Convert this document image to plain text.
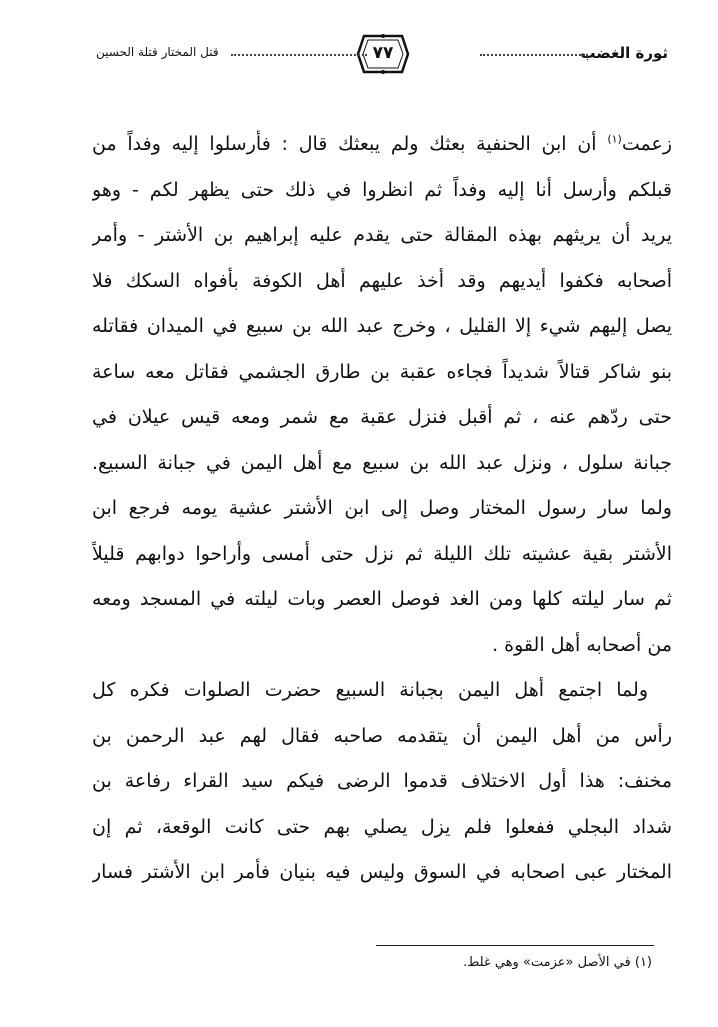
ثورة الغضب
٧٧
قتل المختار قتلة الحسين
زعمت$^{(١)}$ أن ابن الحنفية بعثك ولم يبعثك قال : فأرسلوا إليه وفداً من
قبلكم وأرسل أنا إليه وفداً ثم انظروا في ذلك حتى يظهر لكم - وهو
يريد أن يريثهم بهذه المقالة حتى يقدم عليه إبراهيم بن الأشتر - وأمر
أصحابه فكفوا أيديهم وقد أخذ عليهم أهل الكوفة بأفواه السكك فلا
يصل إليهم شيء إلا القليل ، وخرج عبد الله بن سبيع في الميدان فقاتله
بنو شاكر قتالاً شديداً فجاءه عقبة بن طارق الجشمي فقاتل معه ساعة
حتى ردّهم عنه ، ثم أقبل فنزل عقبة مع شمر ومعه قيس عيلان في
جبانة سلول ، ونزل عبد الله بن سبيع مع أهل اليمن في جبانة السبيع.
ولما سار رسول المختار وصل إلى ابن الأشتر عشية يومه فرجع ابن
الأشتر بقية عشيته تلك الليلة ثم نزل حتى أمسى وأراحوا دوابهم قليلاً
ثم سار ليلته كلها ومن الغد فوصل العصر وبات ليلته في المسجد ومعه
من أصحابه أهل القوة .
ولما اجتمع أهل اليمن بجبانة السبيع حضرت الصلوات فكره كل
رأس من أهل اليمن أن يتقدمه صاحبه فقال لهم عبد الرحمن بن
مخنف: هذا أول الاختلاف قدموا الرضى فيكم سيد القراء رفاعة بن
شداد البجلي ففعلوا فلم يزل يصلي بهم حتى كانت الوقعة، ثم إن
المختار عبى اصحابه في السوق وليس فيه بنيان فأمر ابن الأشتر فسار
(١) في الأصل «عزمت» وهي غلط.
